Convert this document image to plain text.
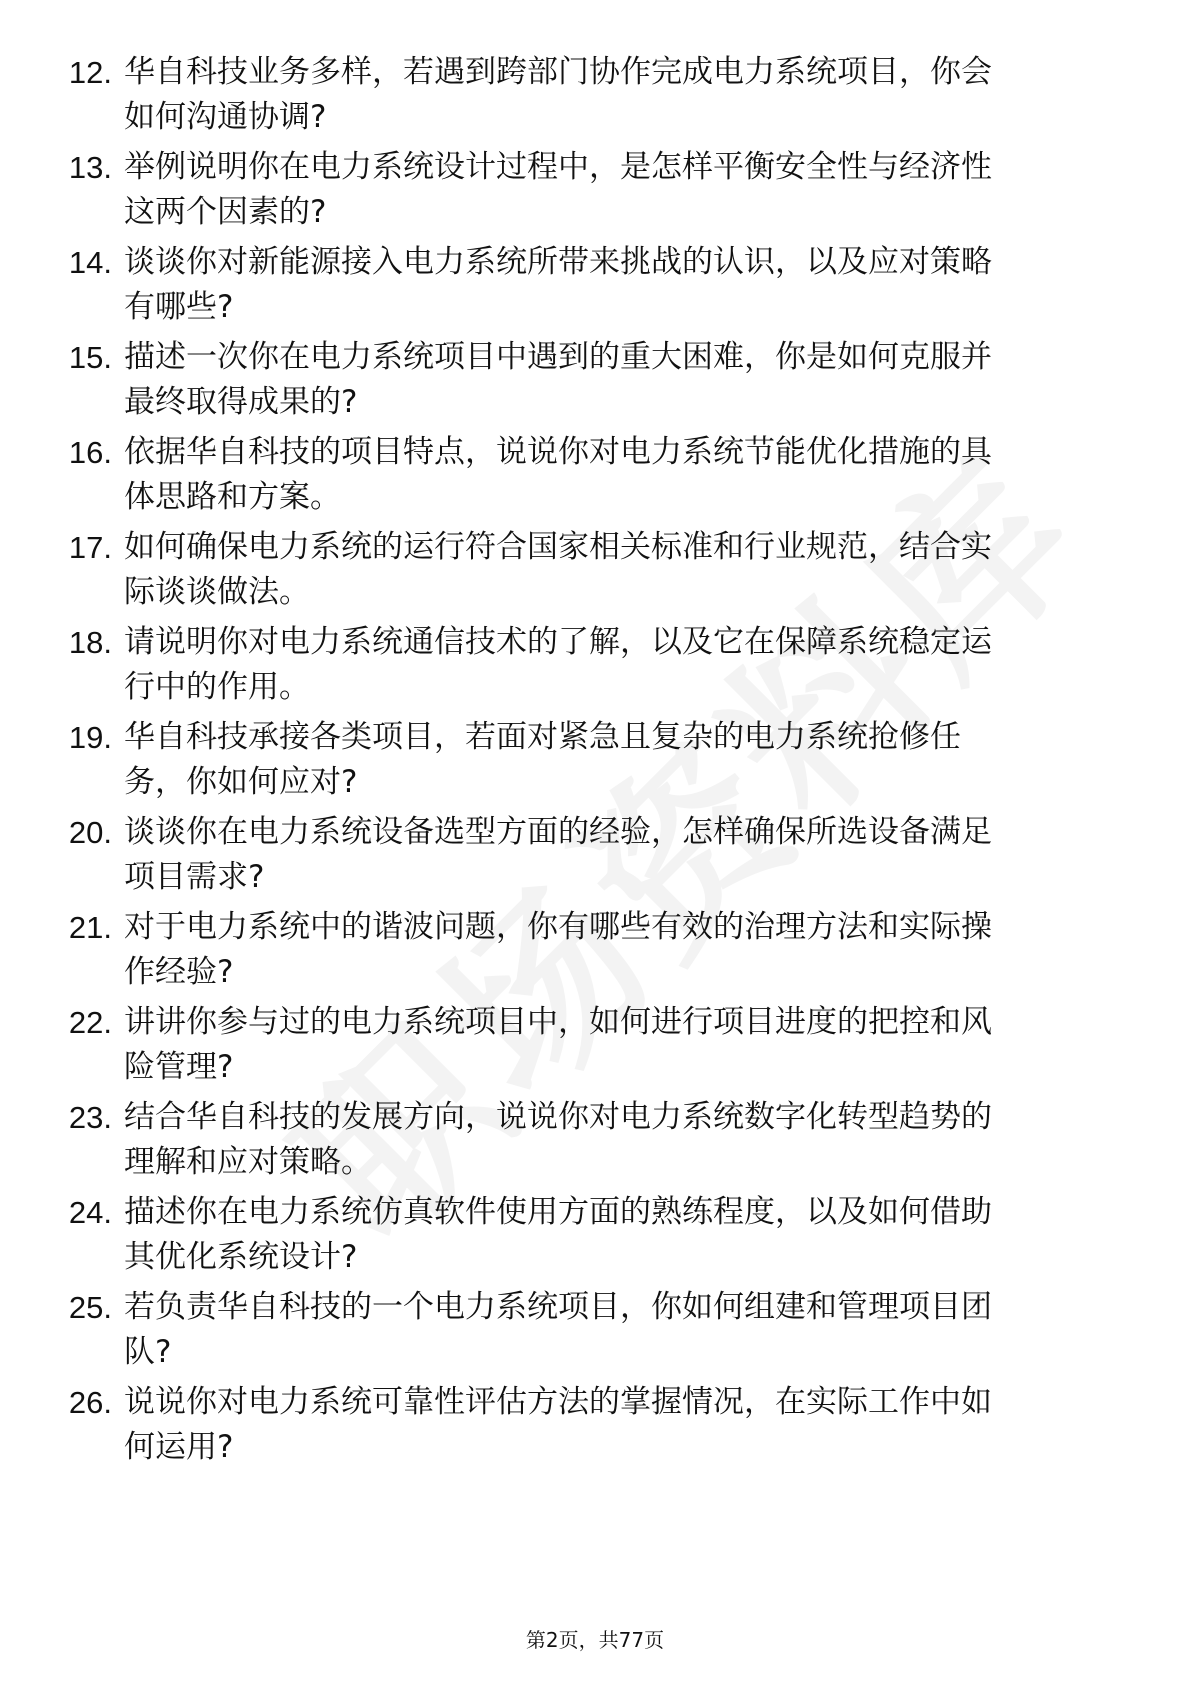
12. 华自科技业务多样，若遇到跨部门协作完成电力系统项目，你会
如何沟通协调?
13. 举例说明你在电力系统设计过程中，是怎样平衡安全性与经济性
这两个因素的?
14. 谈谈你对新能源接入电力系统所带来挑战的认识，以及应对策略
有哪些?
15. 描述一次你在电力系统项目中遇到的重大困难，你是如何克服并
最终取得成果的?
16. 依据华自科技的项目特点，说说你对电力系统节能优化措施的具
体思路和方案。
17. 如何确保电力系统的运行符合国家相关标准和行业规范，结合实
际谈谈做法。
18. 请说明你对电力系统通信技术的了解，以及它在保障系统稳定运
行中的作用。
19. 华自科技承接各类项目，若面对紧急且复杂的电力系统抢修任
务，你如何应对?
20. 谈谈你在电力系统设备选型方面的经验，怎样确保所选设备满足
项目需求?
21. 对于电力系统中的谐波问题，你有哪些有效的治理方法和实际操
作经验?
22. 讲讲你参与过的电力系统项目中，如何进行项目进度的把控和风
险管理?
23. 结合华自科技的发展方向，说说你对电力系统数字化转型趋势的
理解和应对策略。
24. 描述你在电力系统仿真软件使用方面的熟练程度，以及如何借助
其优化系统设计?
25. 若负责华自科技的一个电力系统项目，你如何组建和管理项目团
队?
26. 说说你对电力系统可靠性评估方法的掌握情况，在实际工作中如
何运用?
第2页，共77页
